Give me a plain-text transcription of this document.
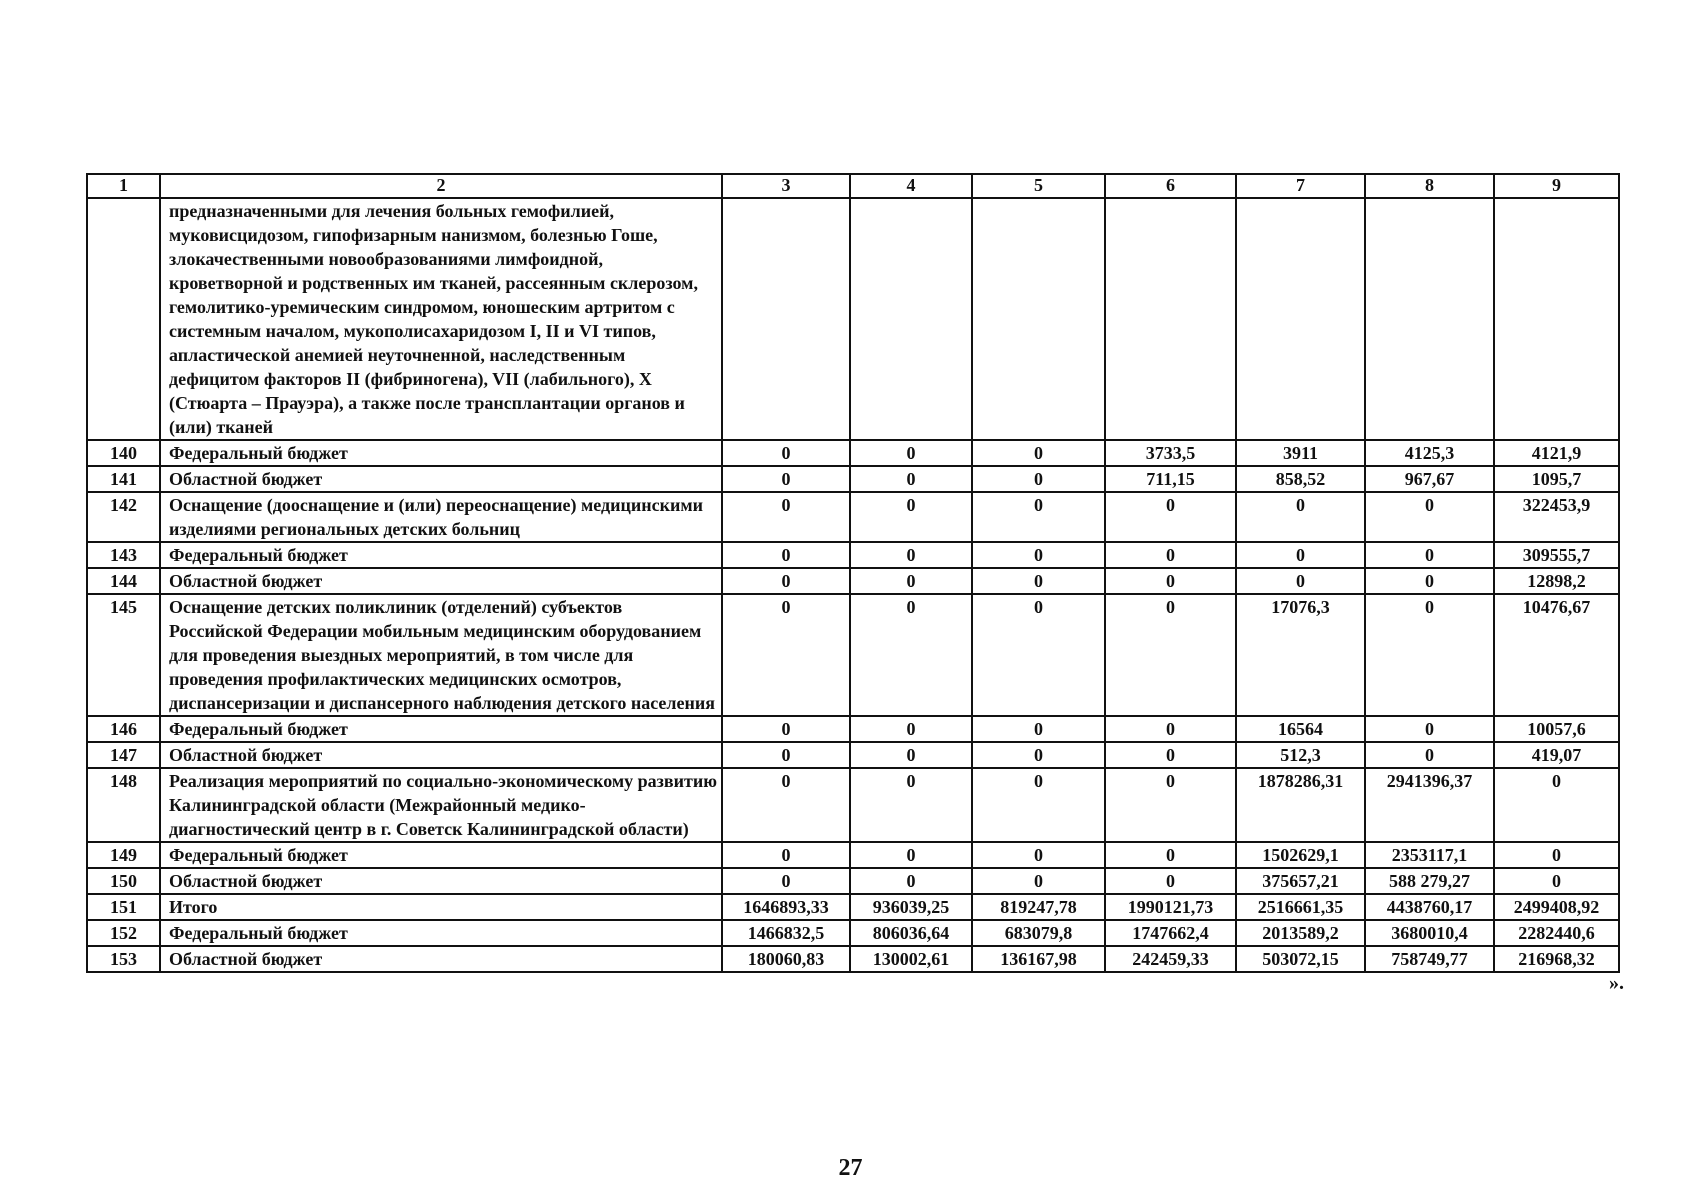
1	2	3	4	5	6	7	8	9
	предназначенными для лечения больных гемофилией, муковисцидозом, гипофизарным нанизмом, болезнью Гоше, злокачественными новообразованиями лимфоидной, кроветворной и родственных им тканей, рассеянным склерозом, гемолитико-уремическим синдромом, юношеским артритом с системным началом, мукополисахаридозом I, II и VI типов, апластической анемией неуточненной, наследственным дефицитом факторов II (фибриногена), VII (лабильного), X (Стюарта – Прауэра), а также после трансплантации органов и (или) тканей							
140	Федеральный бюджет	0	0	0	3733,5	3911	4125,3	4121,9
141	Областной бюджет	0	0	0	711,15	858,52	967,67	1095,7
142	Оснащение (дооснащение и (или) переоснащение) медицинскими изделиями региональных детских больниц	0	0	0	0	0	0	322453,9
143	Федеральный бюджет	0	0	0	0	0	0	309555,7
144	Областной бюджет	0	0	0	0	0	0	12898,2
145	Оснащение детских поликлиник (отделений) субъектов Российской Федерации мобильным медицинским оборудованием для проведения выездных мероприятий, в том числе для проведения профилактических медицинских осмотров, диспансеризации и диспансерного наблюдения детского населения	0	0	0	0	17076,3	0	10476,67
146	Федеральный бюджет	0	0	0	0	16564	0	10057,6
147	Областной бюджет	0	0	0	0	512,3	0	419,07
148	Реализация мероприятий по социально-экономическому развитию Калининградской области (Межрайонный медико-диагностический центр в г. Советск Калининградской области)	0	0	0	0	1878286,31	2941396,37	0
149	Федеральный бюджет	0	0	0	0	1502629,1	2353117,1	0
150	Областной бюджет	0	0	0	0	375657,21	588 279,27	0
151	Итого	1646893,33	936039,25	819247,78	1990121,73	2516661,35	4438760,17	2499408,92
152	Федеральный бюджет	1466832,5	806036,64	683079,8	1747662,4	2013589,2	3680010,4	2282440,6
153	Областной бюджет	180060,83	130002,61	136167,98	242459,33	503072,15	758749,77	216968,32
».
27
